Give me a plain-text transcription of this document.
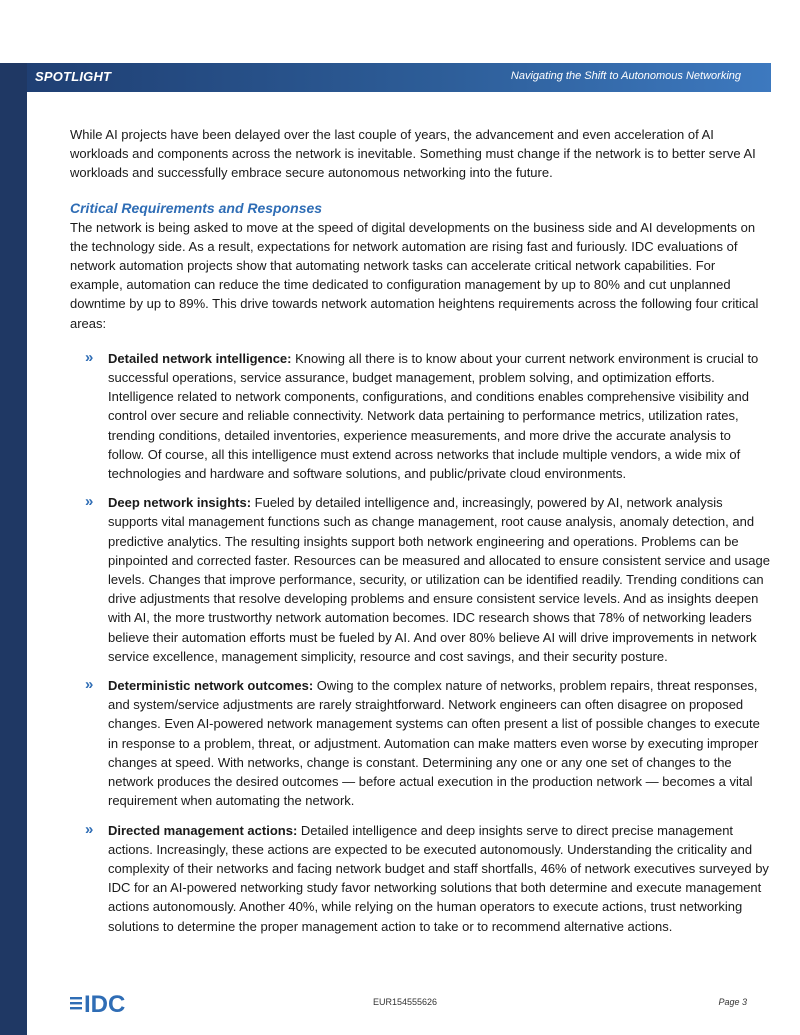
SPOTLIGHT	Navigating the Shift to Autonomous Networking

While AI projects have been delayed over the last couple of years, the advancement and even acceleration of AI workloads and components across the network is inevitable. Something must change if the network is to better serve AI workloads and successfully embrace secure autonomous networking into the future.

Critical Requirements and Responses

The network is being asked to move at the speed of digital developments on the business side and AI developments on the technology side. As a result, expectations for network automation are rising fast and furiously. IDC evaluations of network automation projects show that automating network tasks can accelerate critical network capabilities. For example, automation can reduce the time dedicated to configuration management by up to 80% and cut unplanned downtime by up to 89%. This drive towards network automation heightens requirements across the following four critical areas:

» Detailed network intelligence: Knowing all there is to know about your current network environment is crucial to successful operations, service assurance, budget management, problem solving, and optimization efforts. Intelligence related to network components, configurations, and conditions enables comprehensive visibility and control over secure and reliable connectivity. Network data pertaining to performance metrics, utilization rates, trending conditions, detailed inventories, experience measurements, and more drive the accurate analysis to follow. Of course, all this intelligence must extend across networks that include multiple vendors, a wide mix of technologies and hardware and software solutions, and public/private cloud environments.
» Deep network insights: Fueled by detailed intelligence and, increasingly, powered by AI, network analysis supports vital management functions such as change management, root cause analysis, anomaly detection, and predictive analytics. The resulting insights support both network engineering and operations. Problems can be pinpointed and corrected faster. Resources can be measured and allocated to ensure consistent service and usage levels. Changes that improve performance, security, or utilization can be identified readily. Trending conditions can drive adjustments that resolve developing problems and ensure consistent service levels. And as insights deepen with AI, the more trustworthy network automation becomes. IDC research shows that 78% of networking leaders believe their automation efforts must be fueled by AI. And over 80% believe AI will drive improvements in network service excellence, management simplicity, resource and cost savings, and their security posture.
» Deterministic network outcomes: Owing to the complex nature of networks, problem repairs, threat responses, and system/service adjustments are rarely straightforward. Network engineers can often disagree on proposed changes. Even AI-powered network management systems can often present a list of possible changes to execute in response to a problem, threat, or adjustment. Automation can make matters even worse by executing improper changes at speed. With networks, change is constant. Determining any one or any one set of changes to the network produces the desired outcomes — before actual execution in the production network — becomes a vital requirement when automating the network.
» Directed management actions: Detailed intelligence and deep insights serve to direct precise management actions. Increasingly, these actions are expected to be executed autonomously. Understanding the criticality and complexity of their networks and facing network budget and staff shortfalls, 46% of network executives surveyed by IDC for an AI-powered networking study favor networking solutions that both determine and execute management actions autonomously. Another 40%, while relying on the human operators to execute actions, trust networking solutions to determine the proper management action to take or to recommend alternative actions.
IDC	EUR154555626	Page 3
